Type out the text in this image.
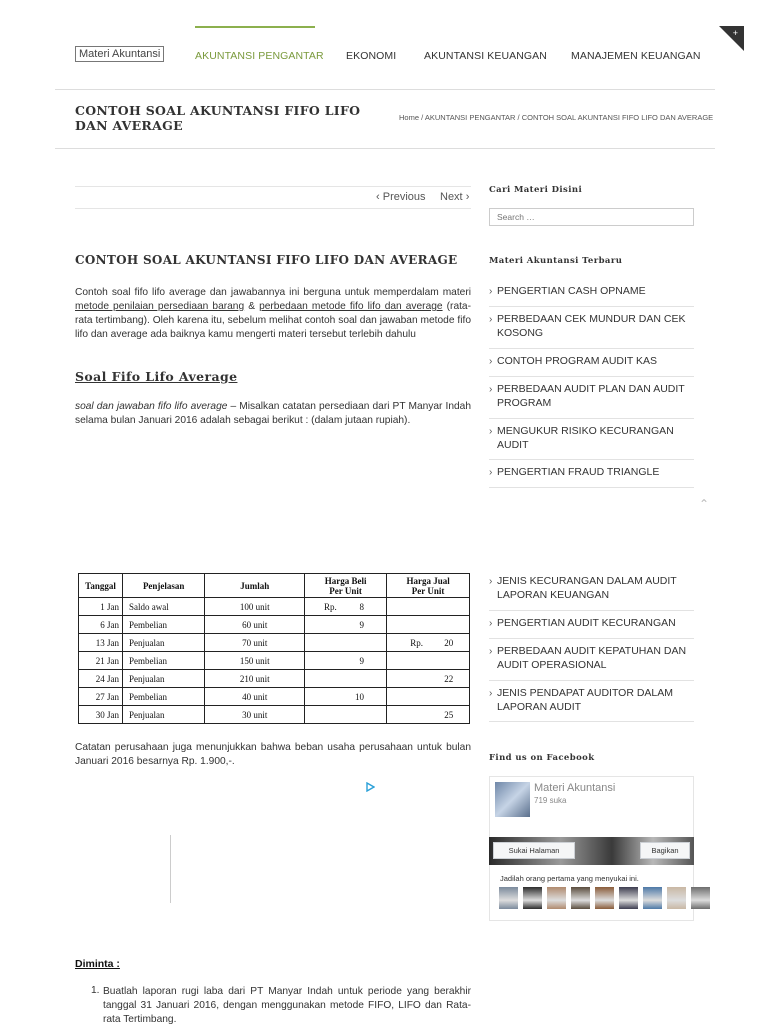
Materi Akuntansi	AKUNTANSI PENGANTAR EKONOMI	AKUNTANSI KEUANGAN MANAJEMEN KEUANGAN
+
CONTOH SOAL AKUNTANSI FIFO LIFO DAN AVERAGE
Home / AKUNTANSI PENGANTAR / CONTOH SOAL AKUNTANSI FIFO LIFO DAN AVERAGE
‹ Previous Next ›
CONTOH SOAL AKUNTANSI FIFO LIFO DAN AVERAGE

Contoh soal fifo lifo average dan jawabannya ini berguna untuk memperdalam materi metode penilaian persediaan barang & perbedaan metode fifo lifo dan average (rata-rata tertimbang). Oleh karena itu, sebelum melihat contoh soal dan jawaban metode fifo lifo dan average ada baiknya kamu mengerti materi tersebut terlebih dahulu

Soal Fifo Lifo Average

soal dan jawaban fifo lifo average – Misalkan catatan persediaan dari PT Manyar Indah selama bulan Januari 2016 adalah sebagai berikut : (dalam jutaan rupiah).

Tanggal	Penjelasan	Jumlah	Harga Beli
Per Unit	Harga Jual
Per Unit
1 Jan	Saldo awal	100 unit	Rp. 8	
6 Jan	Pembelian	60 unit	9	
13 Jan	Penjualan	70 unit		Rp. 20
21 Jan	Pembelian	150 unit	9	
24 Jan	Penjualan	210 unit		22
27 Jan	Pembelian	40 unit	10	
30 Jan	Penjualan	30 unit		25

Catatan perusahaan juga menunjukkan bahwa beban usaha perusahaan untuk bulan Januari 2016 besarnya Rp. 1.900,-.

Diminta :
1. Buatlah laporan rugi laba dari PT Manyar Indah untuk periode yang berakhir tanggal 31 Januari 2016, dengan menggunakan metode FIFO, LIFO dan Rata-rata Tertimbang.

Cari Materi Disini
Search …
Materi Akuntansi Terbaru
› PENGERTIAN CASH OPNAME
› PERBEDAAN CEK MUNDUR DAN CEK KOSONG
› CONTOH PROGRAM AUDIT KAS
› PERBEDAAN AUDIT PLAN DAN AUDIT PROGRAM
› MENGUKUR RISIKO KECURANGAN AUDIT
› PENGERTIAN FRAUD TRIANGLE
⌃
› JENIS KECURANGAN DALAM AUDIT LAPORAN KEUANGAN
› PENGERTIAN AUDIT KECURANGAN
› PERBEDAAN AUDIT KEPATUHAN DAN AUDIT OPERASIONAL
› JENIS PENDAPAT AUDITOR DALAM LAPORAN AUDIT
Find us on Facebook
Materi Akuntansi
719 suka
Sukai Halaman	Bagikan
Jadilah orang pertama yang menyukai ini.
